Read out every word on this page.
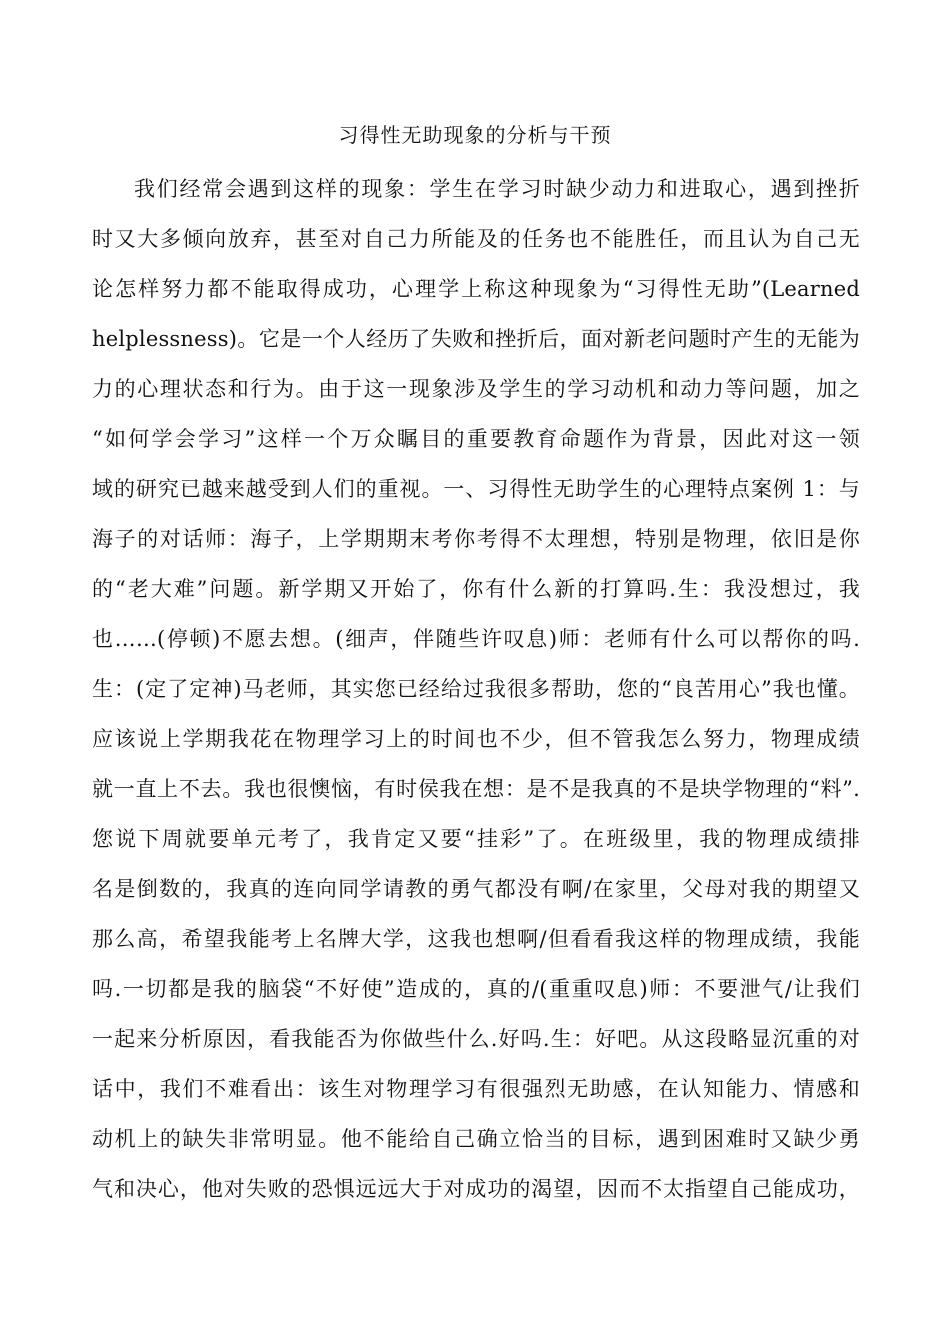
习得性无助现象的分析与干预
我们经常会遇到这样的现象：学生在学习时缺少动力和进取心，遇到挫折
时又大多倾向放弃，甚至对自己力所能及的任务也不能胜任，而且认为自己无
论怎样努力都不能取得成功，心理学上称这种现象为“习得性无助”(Learned
helplessness)。它是一个人经历了失败和挫折后，面对新老问题时产生的无能为
力的心理状态和行为。由于这一现象涉及学生的学习动机和动力等问题，加之
“如何学会学习”这样一个万众瞩目的重要教育命题作为背景，因此对这一领
域的研究已越来越受到人们的重视。一、习得性无助学生的心理特点案例 1：与
海子的对话师：海子，上学期期末考你考得不太理想，特别是物理，依旧是你
的“老大难”问题。新学期又开始了，你有什么新的打算吗.生：我没想过，我
也……(停顿)不愿去想。(细声，伴随些许叹息)师：老师有什么可以帮你的吗.
生：(定了定神)马老师，其实您已经给过我很多帮助，您的“良苦用心”我也懂。
应该说上学期我花在物理学习上的时间也不少，但不管我怎么努力，物理成绩
就一直上不去。我也很懊恼，有时侯我在想：是不是我真的不是块学物理的“料”.
您说下周就要单元考了，我肯定又要“挂彩”了。在班级里，我的物理成绩排
名是倒数的，我真的连向同学请教的勇气都没有啊/在家里，父母对我的期望又
那么高，希望我能考上名牌大学，这我也想啊/但看看我这样的物理成绩，我能
吗.一切都是我的脑袋“不好使”造成的，真的/(重重叹息)师：不要泄气/让我们
一起来分析原因，看我能否为你做些什么.好吗.生：好吧。从这段略显沉重的对
话中，我们不难看出：该生对物理学习有很强烈无助感，在认知能力、情感和
动机上的缺失非常明显。他不能给自己确立恰当的目标，遇到困难时又缺少勇
气和决心，他对失败的恐惧远远大于对成功的渴望，因而不太指望自己能成功，
